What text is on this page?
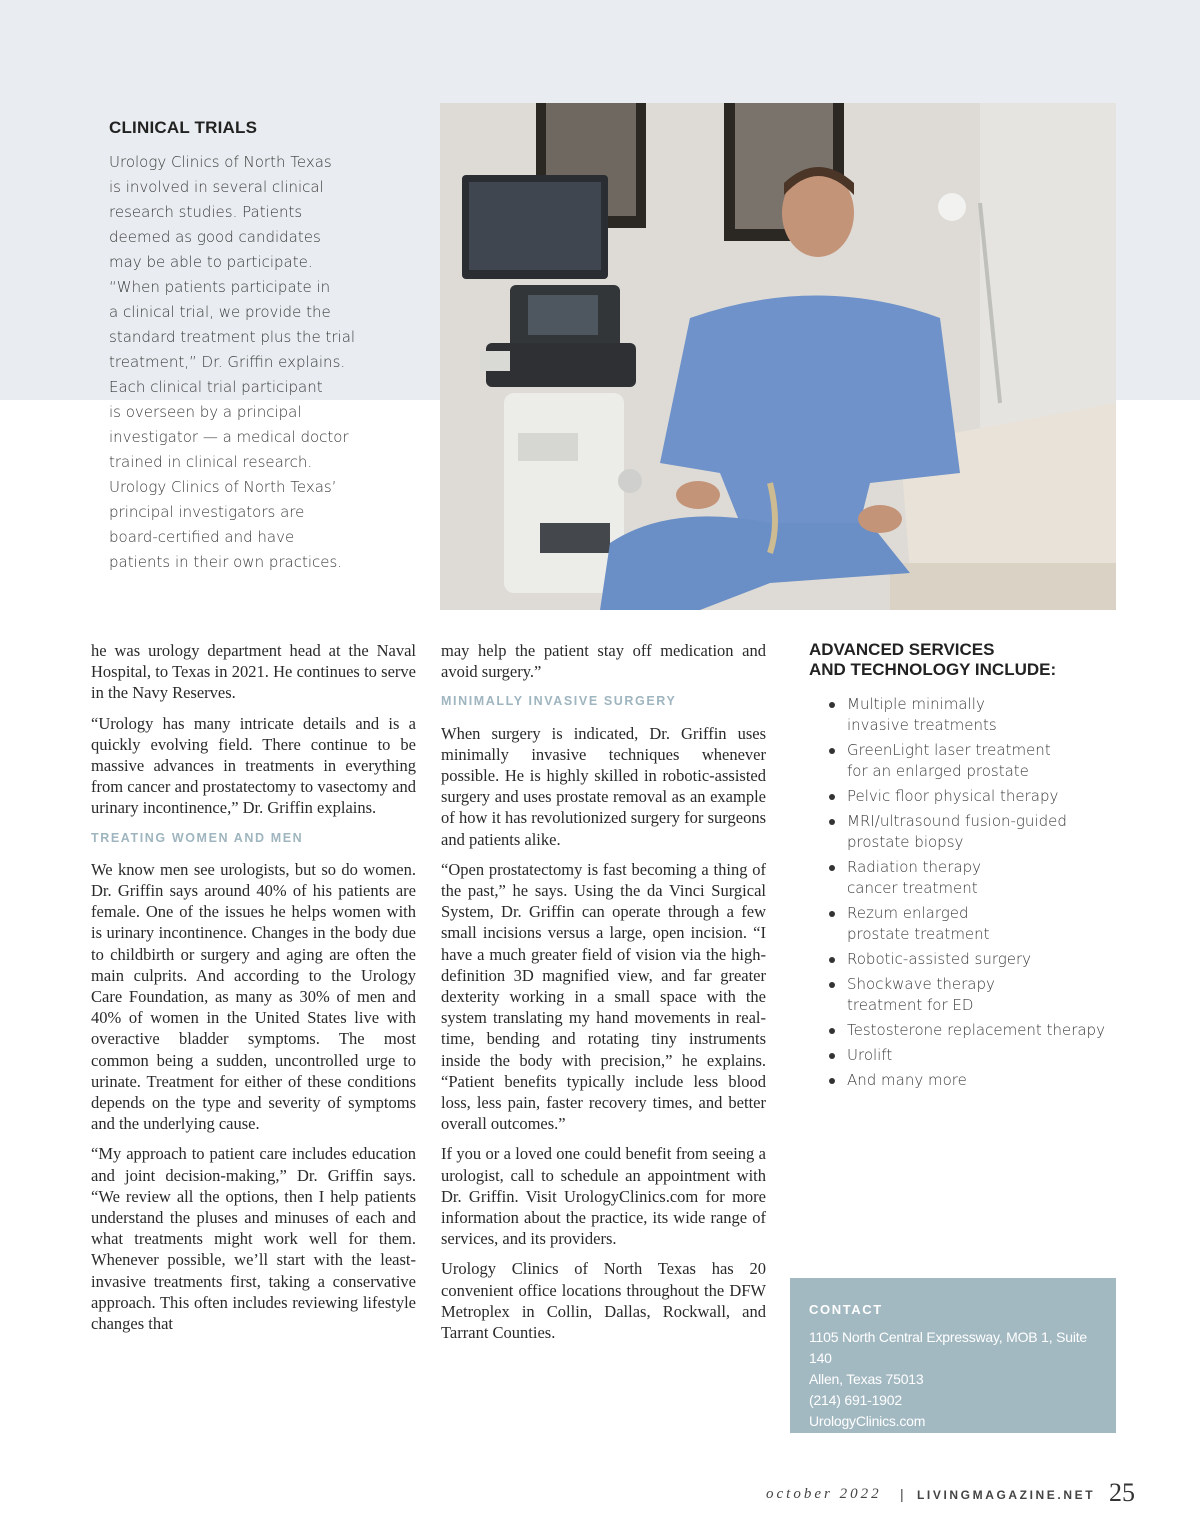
CLINICAL TRIALS

Urology Clinics of North Texas
is involved in several clinical
research studies. Patients
deemed as good candidates
may be able to participate.
“When patients participate in
a clinical trial, we provide the
standard treatment plus the trial
treatment,” Dr. Griffin explains.
Each clinical trial participant
is overseen by a principal
investigator — a medical doctor
trained in clinical research.
Urology Clinics of North Texas’
principal investigators are
board-certified and have
patients in their own practices.

he was urology department head at the Naval Hospital, to Texas in 2021. He continues to serve in the Navy Reserves.

“Urology has many intricate details and is a quickly evolving field. There continue to be massive advances in treatments in everything from cancer and prostatectomy to vasectomy and urinary incontinence,” Dr. Griffin explains.

TREATING WOMEN AND MEN

We know men see urologists, but so do women. Dr. Griffin says around 40% of his patients are female. One of the issues he helps women with is urinary incontinence. Changes in the body due to childbirth or surgery and aging are often the main culprits. And according to the Urology Care Foundation, as many as 30% of men and 40% of women in the United States live with overactive bladder symptoms. The most common being a sudden, uncontrolled urge to urinate. Treatment for either of these conditions depends on the type and severity of symptoms and the underlying cause.

“My approach to patient care includes education and joint decision-making,” Dr. Griffin says. “We review all the options, then I help patients understand the pluses and minuses of each and what treatments might work well for them. Whenever possible, we’ll start with the least-invasive treatments first, taking a conservative approach. This often includes reviewing lifestyle changes that

may help the patient stay off medication and avoid surgery.”

MINIMALLY INVASIVE SURGERY

When surgery is indicated, Dr. Griffin uses minimally invasive techniques whenever possible. He is highly skilled in robotic-assisted surgery and uses prostate removal as an example of how it has revolutionized surgery for surgeons and patients alike.

“Open prostatectomy is fast becoming a thing of the past,” he says. Using the da Vinci Surgical System, Dr. Griffin can operate through a few small incisions versus a large, open incision. “I have a much greater field of vision via the high-definition 3D magnified view, and far greater dexterity working in a small space with the system translating my hand movements in real-time, bending and rotating tiny instruments inside the body with precision,” he explains. “Patient benefits typically include less blood loss, less pain, faster recovery times, and better overall outcomes.”

If you or a loved one could benefit from seeing a urologist, call to schedule an appointment with Dr. Griffin. Visit UrologyClinics.com for more information about the practice, its wide range of services, and its providers.

Urology Clinics of North Texas has 20 convenient office locations throughout the DFW Metroplex in Collin, Dallas, Rockwall, and Tarrant Counties.

ADVANCED SERVICES
AND TECHNOLOGY INCLUDE:
Multiple minimally
invasive treatments
GreenLight laser treatment
for an enlarged prostate
Pelvic floor physical therapy
MRI/ultrasound fusion-guided
prostate biopsy
Radiation therapy
cancer treatment
Rezum enlarged
prostate treatment
Robotic-assisted surgery
Shockwave therapy
treatment for ED
Testosterone replacement therapy
Urolift
And many more
CONTACT
1105 North Central Expressway, MOB 1, Suite 140
Allen, Texas 75013
(214) 691-1902
UrologyClinics.com
october 2022 | LIVINGMAGAZINE.NET 25
